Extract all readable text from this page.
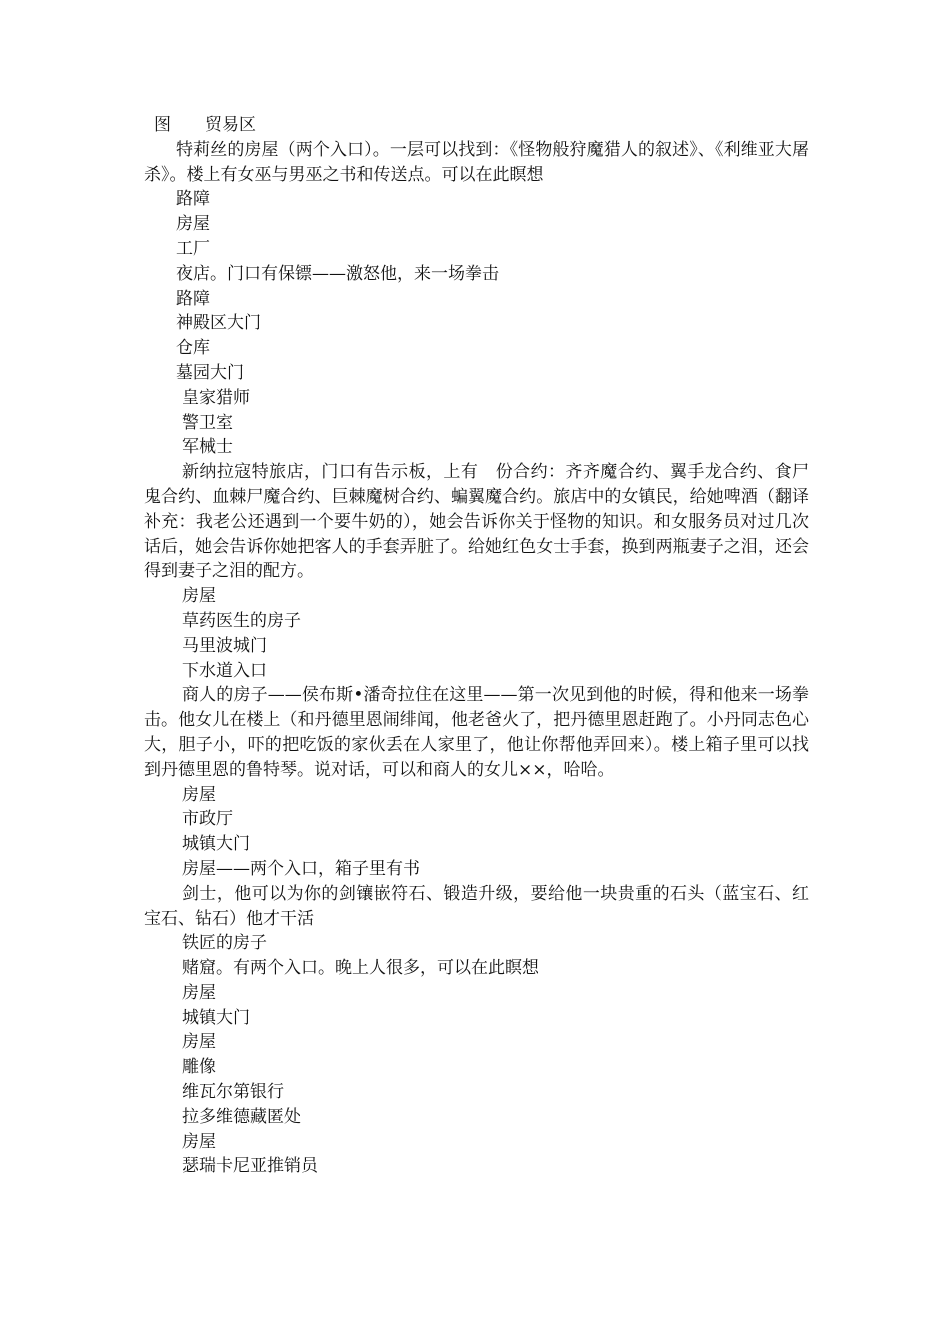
图　　贸易区

特莉丝的房屋（两个入口）。一层可以找到：《怪物般狩魔猎人的叙述》、《利维亚大屠杀》。楼上有女巫与男巫之书和传送点。可以在此瞑想

路障

房屋

工厂

夜店。门口有保镖——激怒他，来一场拳击

路障

神殿区大门

仓库

墓园大门

皇家猎师

警卫室

军械士

新纳拉寇特旅店，门口有告示板，上有　份合约：齐齐魔合约、翼手龙合约、食尸鬼合约、血棘尸魔合约、巨棘魔树合约、蝙翼魔合约。旅店中的女镇民，给她啤酒（翻译补充：我老公还遇到一个要牛奶的），她会告诉你关于怪物的知识。和女服务员对过几次话后，她会告诉你她把客人的手套弄脏了。给她红色女士手套，换到两瓶妻子之泪，还会得到妻子之泪的配方。

房屋

草药医生的房子

马里波城门

下水道入口

商人的房子——侯布斯•潘奇拉住在这里——第一次见到他的时候，得和他来一场拳击。他女儿在楼上（和丹德里恩闹绯闻，他老爸火了，把丹德里恩赶跑了。小丹同志色心大，胆子小，吓的把吃饭的家伙丢在人家里了，他让你帮他弄回来）。楼上箱子里可以找到丹德里恩的鲁特琴。说对话，可以和商人的女儿××，哈哈。

房屋

市政厅

城镇大门

房屋——两个入口，箱子里有书

剑士，他可以为你的剑镶嵌符石、锻造升级，要给他一块贵重的石头（蓝宝石、红宝石、钻石）他才干活

铁匠的房子

赌窟。有两个入口。晚上人很多，可以在此瞑想

房屋

城镇大门

房屋

雕像

维瓦尔第银行

拉多维德藏匿处

房屋

瑟瑞卡尼亚推销员
